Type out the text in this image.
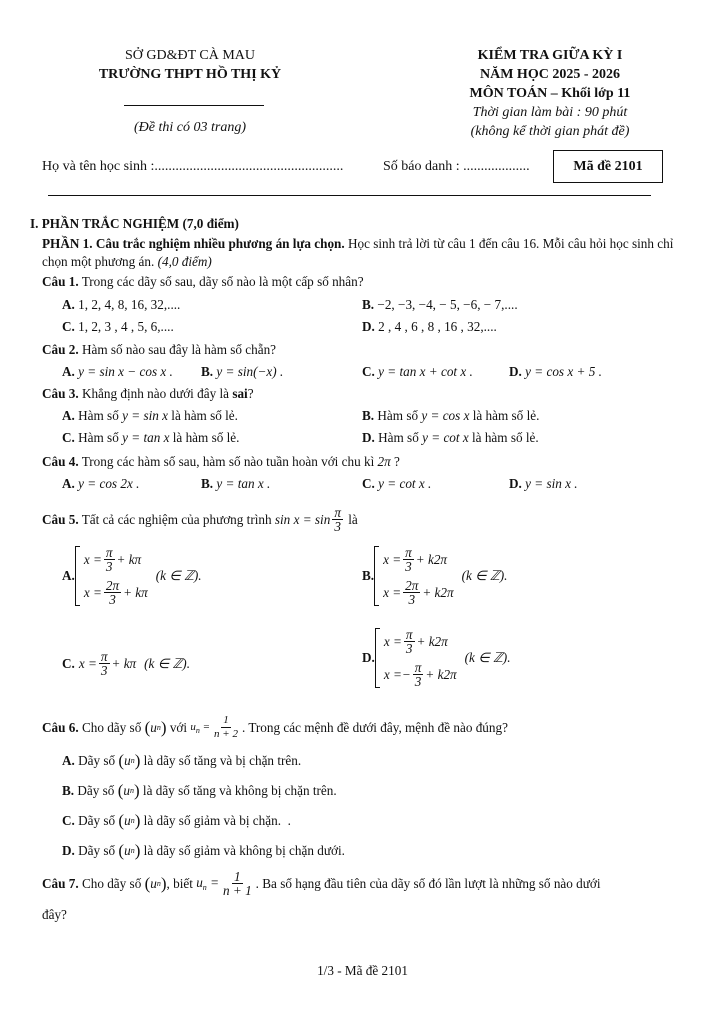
SỞ GD&ĐT CÀ MAU
TRƯỜNG THPT HỒ THỊ KỶ
(Đề thi có 03 trang)
KIỂM TRA GIỮA KỲ I
NĂM HỌC 2025 - 2026
MÔN TOÁN – Khối lớp 11
Thời gian làm bài : 90 phút
(không kể thời gian phát đề)
Họ và tên học sinh :......................................................	Số báo danh : ...................	Mã đề 2101
I. PHẦN TRẮC NGHIỆM (7,0 điểm)
PHẦN 1. Câu trắc nghiệm nhiều phương án lựa chọn. Học sinh trả lời từ câu 1 đến câu 16. Mỗi câu hỏi học sinh chỉ chọn một phương án. (4,0 điểm)
Câu 1. Trong các dãy số sau, dãy số nào là một cấp số nhân?
A. 1, 2, 4, 8, 16, 32,....	B. −2, −3, −4, − 5, −6, − 7,....
C. 1, 2, 3 , 4 , 5, 6,....	D. 2 , 4 , 6 , 8 , 16 , 32,....
Câu 2. Hàm số nào sau đây là hàm số chẵn?
A. y = sin x − cos x . B. y = sin(−x) .	C. y = tan x + cot x .	D. y = cos x + 5 .
Câu 3. Khẳng định nào dưới đây là sai?
A. Hàm số y = sin x là hàm số lẻ.	B. Hàm số y = cos x là hàm số lẻ.
C. Hàm số y = tan x là hàm số lẻ.	D. Hàm số y = cot x là hàm số lẻ.
Câu 4. Trong các hàm số sau, hàm số nào tuần hoàn với chu kì 2π ?
A. y = cos 2x .	B. y = tan x .	C. y = cot x .	D. y = sin x .
Câu 5. Tất cả các nghiệm của phương trình $\sin x = \sin \frac{\pi}{3}$ là
A.
$x = \frac{\pi}{3} + k\pi$
$x = \frac{2\pi}{3} + k\pi$
(k ∈ ℤ).	B.
$x = \frac{\pi}{3} + k2\pi$
$x = \frac{2\pi}{3} + k2\pi$
(k ∈ ℤ).
C. $x = \frac{\pi}{3} + k\pi$ (k ∈ ℤ).	D.
$x = \frac{\pi}{3} + k2\pi$
x = − $\frac{\pi}{3} + k2\pi$
(k ∈ ℤ).
Câu 6. Cho dãy số ( u n ) với $u_n = \frac{1}{n + 2}$ . Trong các mệnh đề dưới đây, mệnh đề nào đúng?
A.
Dãy số ( u n ) là dãy số tăng và bị chặn trên.
B.
Dãy số ( u n ) là dãy số tăng và không bị chặn trên.
C.
Dãy số ( u n ) là dãy số giảm và bị chặn.  .
D.
Dãy số ( u n ) là dãy số giảm và không bị chặn dưới.
Câu 7. Cho dãy số ( u n ) , biết $u_n = \frac{1}{n + 1}$ . Ba số hạng đầu tiên của dãy số đó lần lượt là những số nào dưới
đây?
1/3 - Mã đề 2101
